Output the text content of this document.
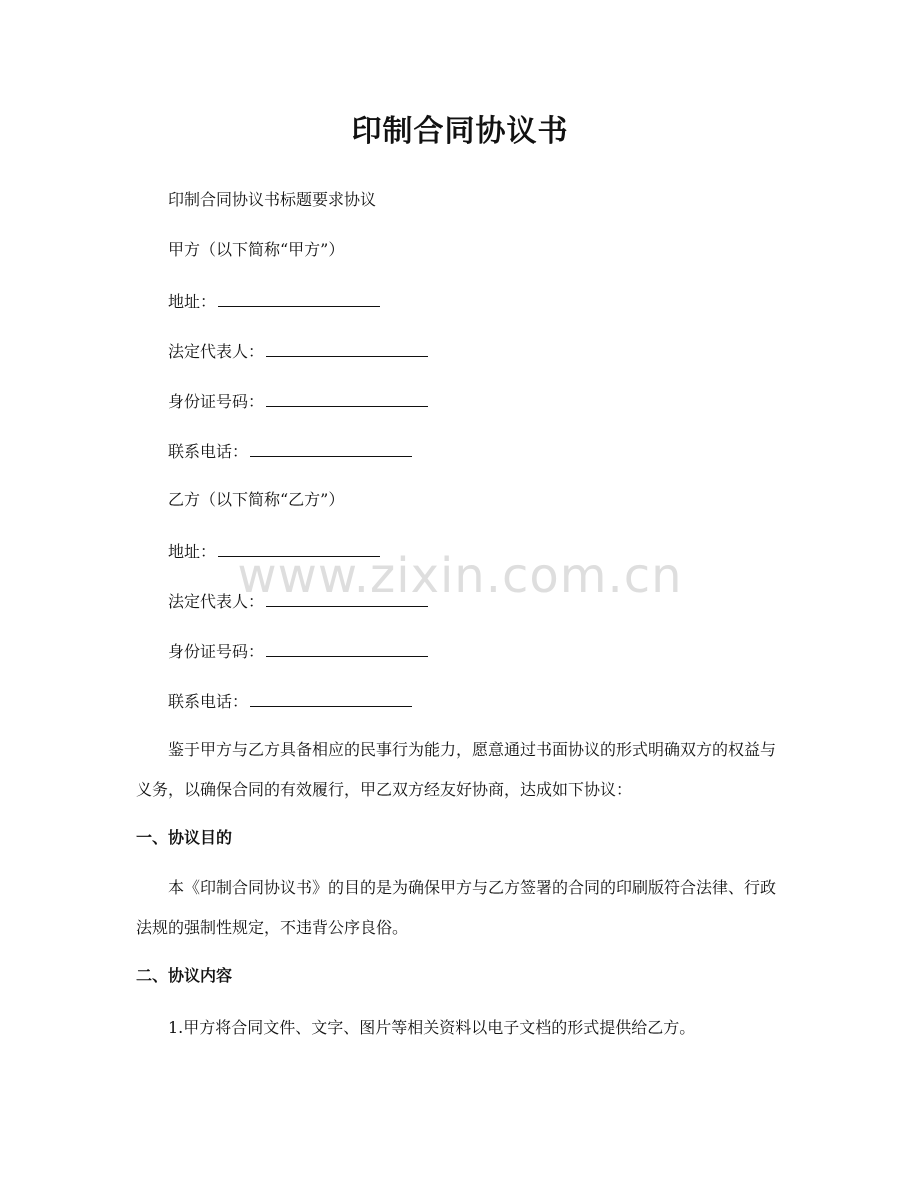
印制合同协议书
印制合同协议书标题要求协议
甲方（以下简称“甲方”）
地址：
法定代表人：
身份证号码：
联系电话：
乙方（以下简称“乙方”）
地址：
法定代表人：
身份证号码：
联系电话：
鉴于甲方与乙方具备相应的民事行为能力，愿意通过书面协议的形式明确双方的权益与义务，以确保合同的有效履行，甲乙双方经友好协商，达成如下协议：
一、协议目的
本《印制合同协议书》的目的是为确保甲方与乙方签署的合同的印刷版符合法律、行政法规的强制性规定，不违背公序良俗。
二、协议内容
1.甲方将合同文件、文字、图片等相关资料以电子文档的形式提供给乙方。
www.zixin.com.cn
